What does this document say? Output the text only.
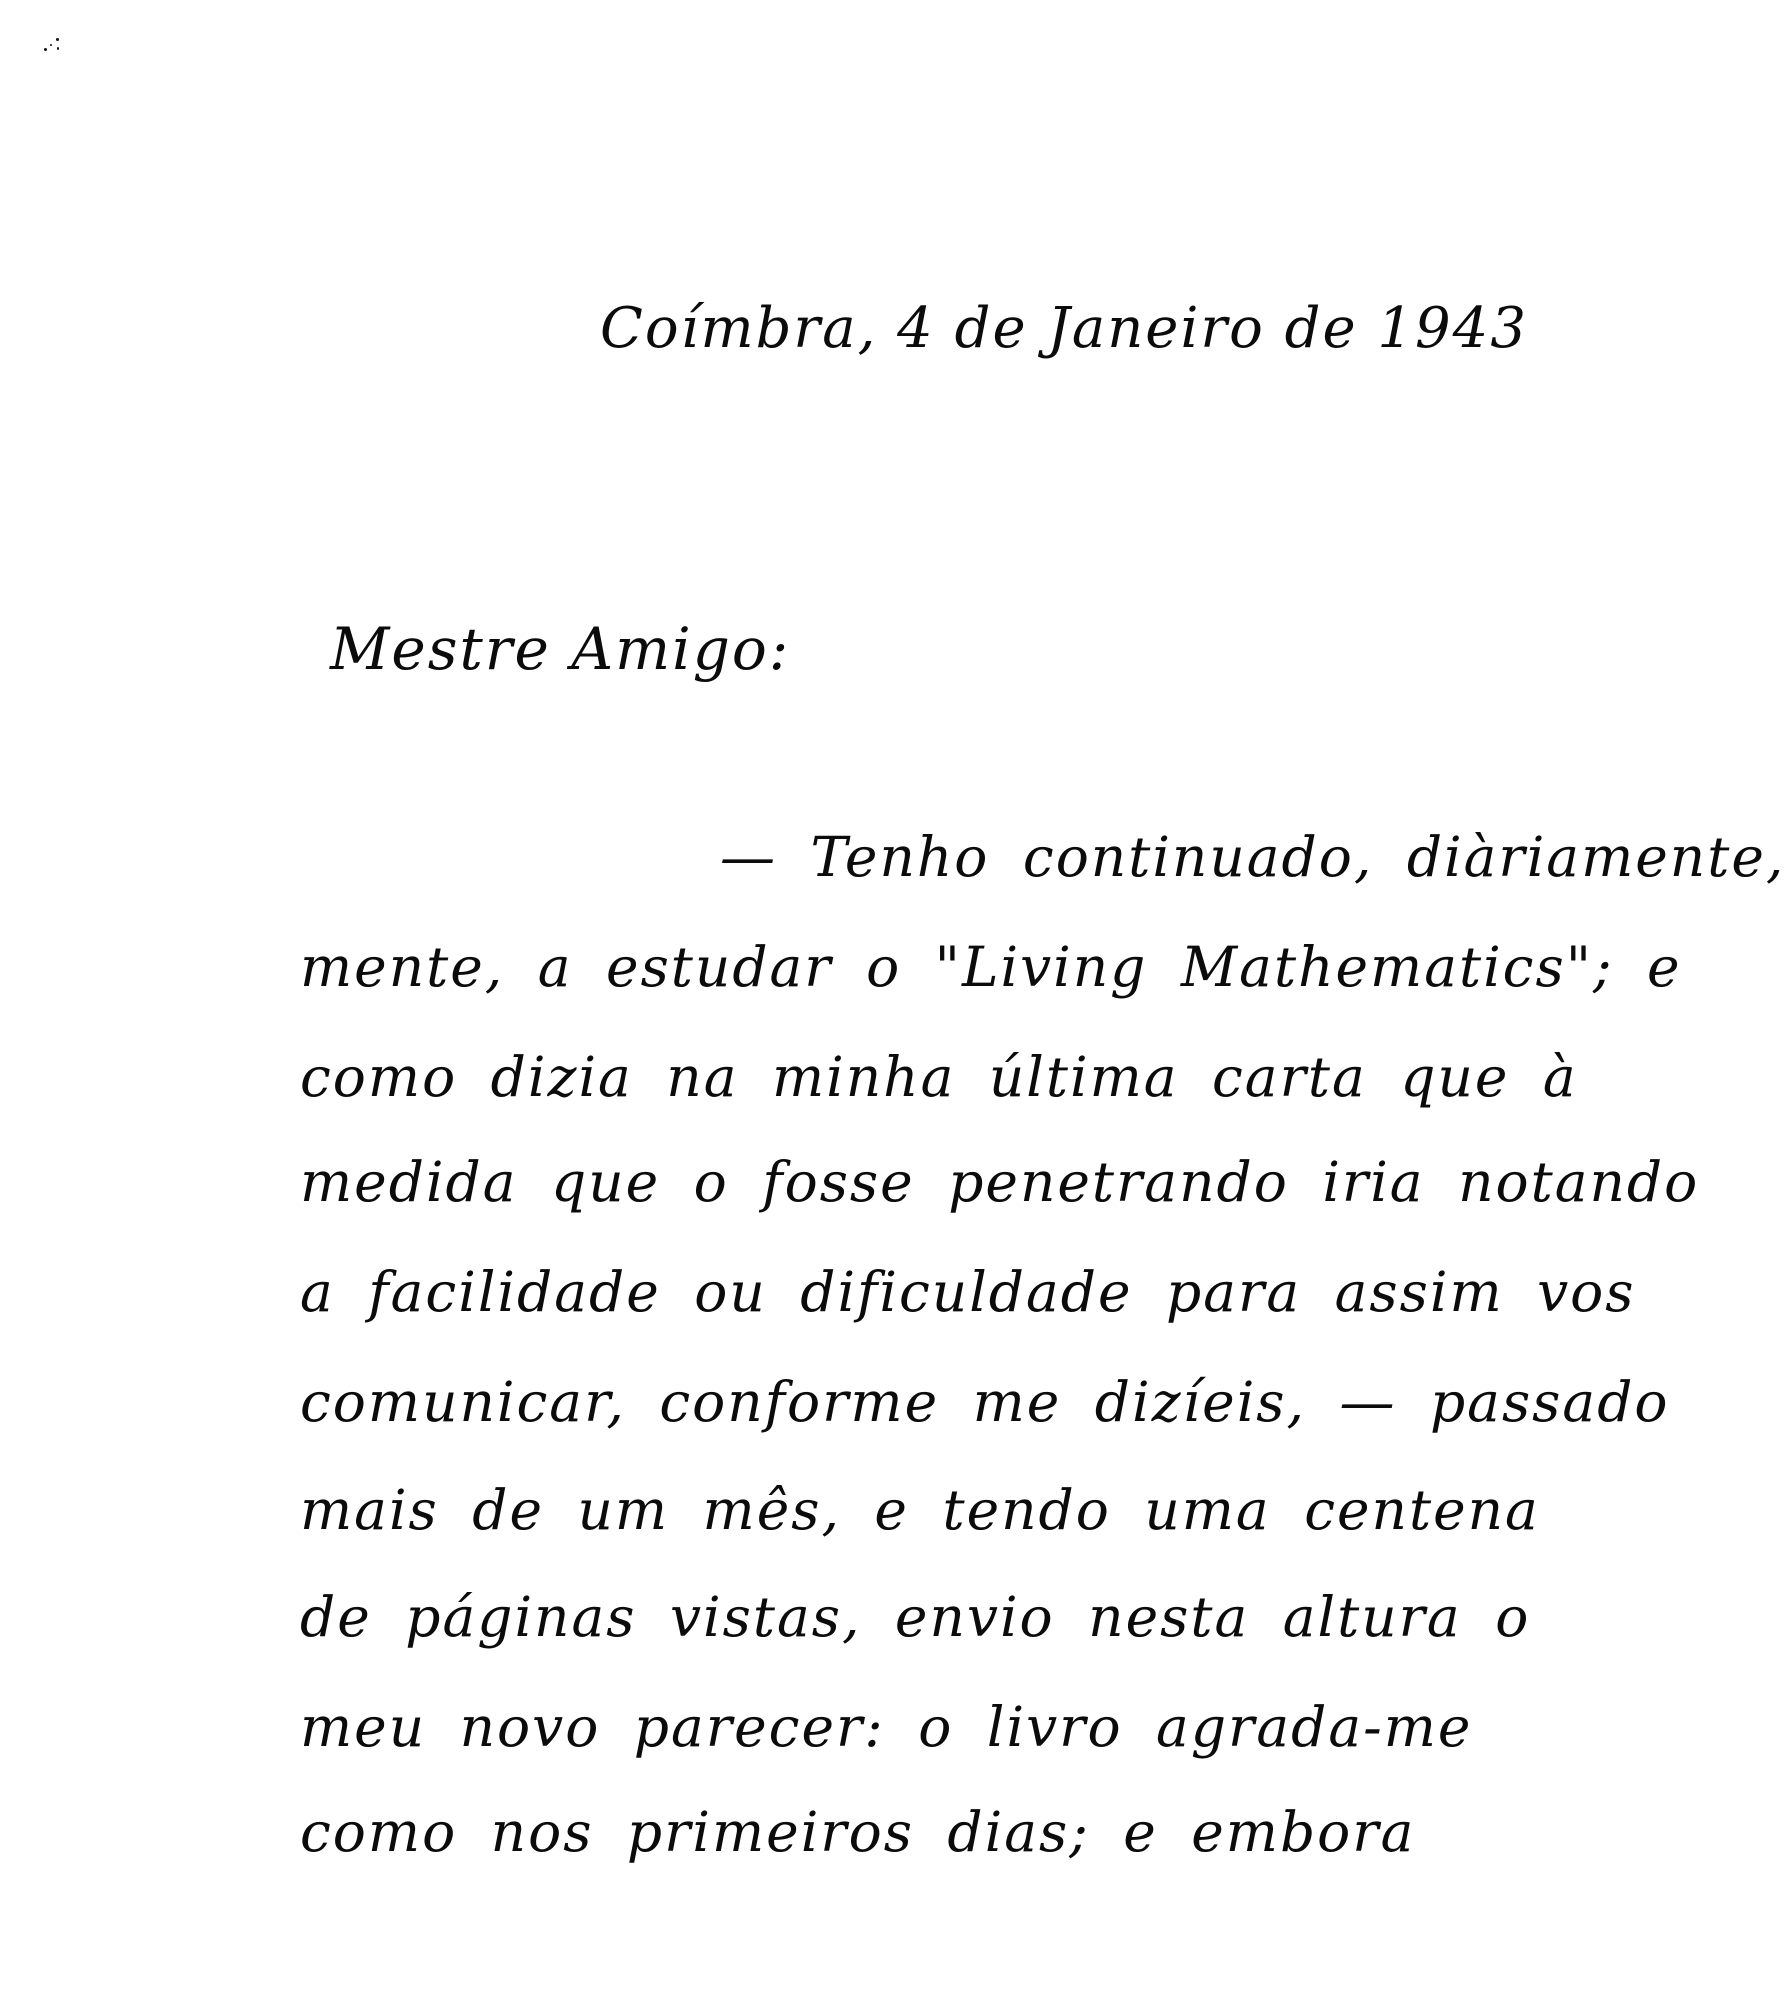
Coímbra, 4 de Janeiro de 1943
Mestre Amigo:
— Tenho continuado, diàriamente,
mente, a estudar o "Living Mathematics"; e
como dizia na minha última carta que à
medida que o fosse penetrando iria notando
a facilidade ou dificuldade para assim vos
comunicar, conforme me dizíeis, — passado
mais de um mês, e tendo uma centena
de páginas vistas, envio nesta altura o
meu novo parecer: o livro agrada-me
como nos primeiros dias; e embora
